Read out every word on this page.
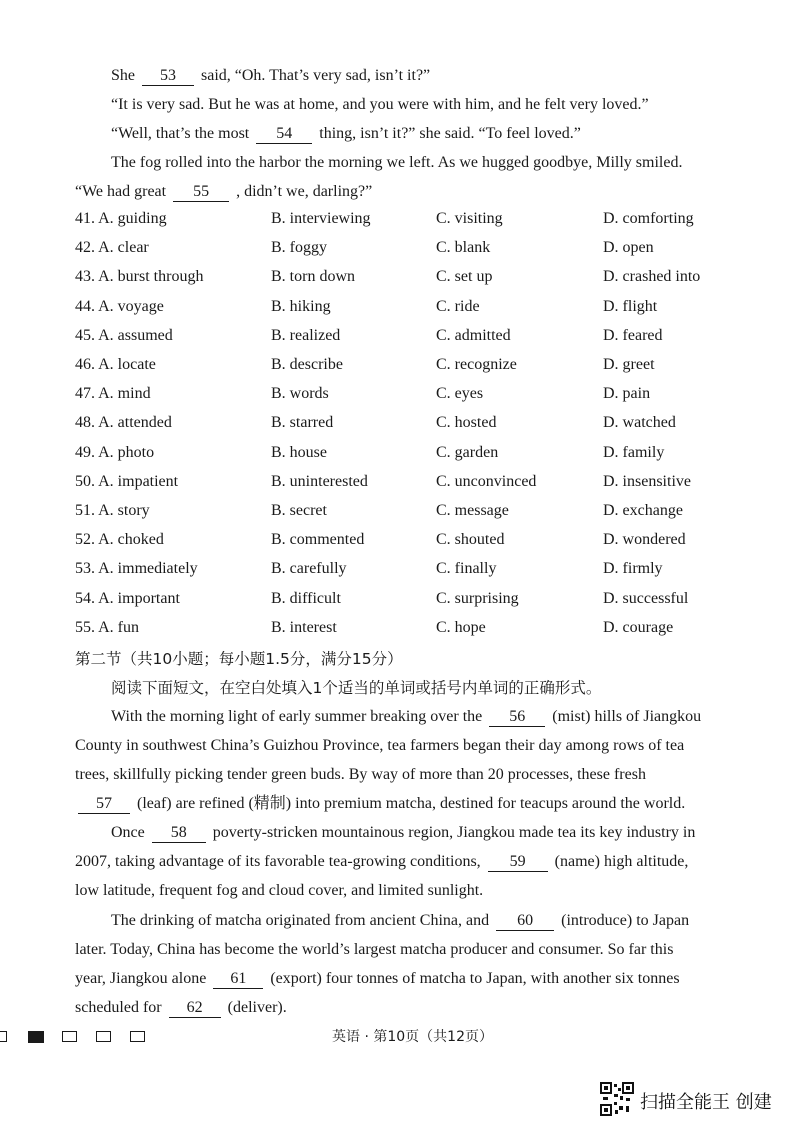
She 53 said, “Oh. That’s very sad, isn’t it?”
“It is very sad. But he was at home, and you were with him, and he felt very loved.”
“Well, that’s the most 54 thing, isn’t it?” she said. “To feel loved.”
The fog rolled into the harbor the morning we left. As we hugged goodbye, Milly smiled.
“We had great 55 , didn’t we, darling?”
41. A. guiding	B. interviewing	C. visiting	D. comforting
42. A. clear	B. foggy	C. blank	D. open
43. A. burst through	B. torn down	C. set up	D. crashed into
44. A. voyage	B. hiking	C. ride	D. flight
45. A. assumed	B. realized	C. admitted	D. feared
46. A. locate	B. describe	C. recognize	D. greet
47. A. mind	B. words	C. eyes	D. pain
48. A. attended	B. starred	C. hosted	D. watched
49. A. photo	B. house	C. garden	D. family
50. A. impatient	B. uninterested	C. unconvinced	D. insensitive
51. A. story	B. secret	C. message	D. exchange
52. A. choked	B. commented	C. shouted	D. wondered
53. A. immediately	B. carefully	C. finally	D. firmly
54. A. important	B. difficult	C. surprising	D. successful
55. A. fun	B. interest	C. hope	D. courage
第二节（共10小题；每小题1.5分，满分15分）
阅读下面短文，在空白处填入1个适当的单词或括号内单词的正确形式。
With the morning light of early summer breaking over the 56 (mist) hills of Jiangkou
County in southwest China’s Guizhou Province, tea farmers began their day among rows of tea
trees, skillfully picking tender green buds. By way of more than 20 processes, these fresh
57 (leaf) are refined (精制) into premium matcha, destined for teacups around the world.
Once 58 poverty-stricken mountainous region, Jiangkou made tea its key industry in
2007, taking advantage of its favorable tea-growing conditions, 59 (name) high altitude,
low latitude, frequent fog and cloud cover, and limited sunlight.
The drinking of matcha originated from ancient China, and 60 (introduce) to Japan
later. Today, China has become the world’s largest matcha producer and consumer. So far this
year, Jiangkou alone 61 (export) four tonnes of matcha to Japan, with another six tonnes
scheduled for 62 (deliver).
英语 · 第10页（共12页）
扫描全能王 创建
